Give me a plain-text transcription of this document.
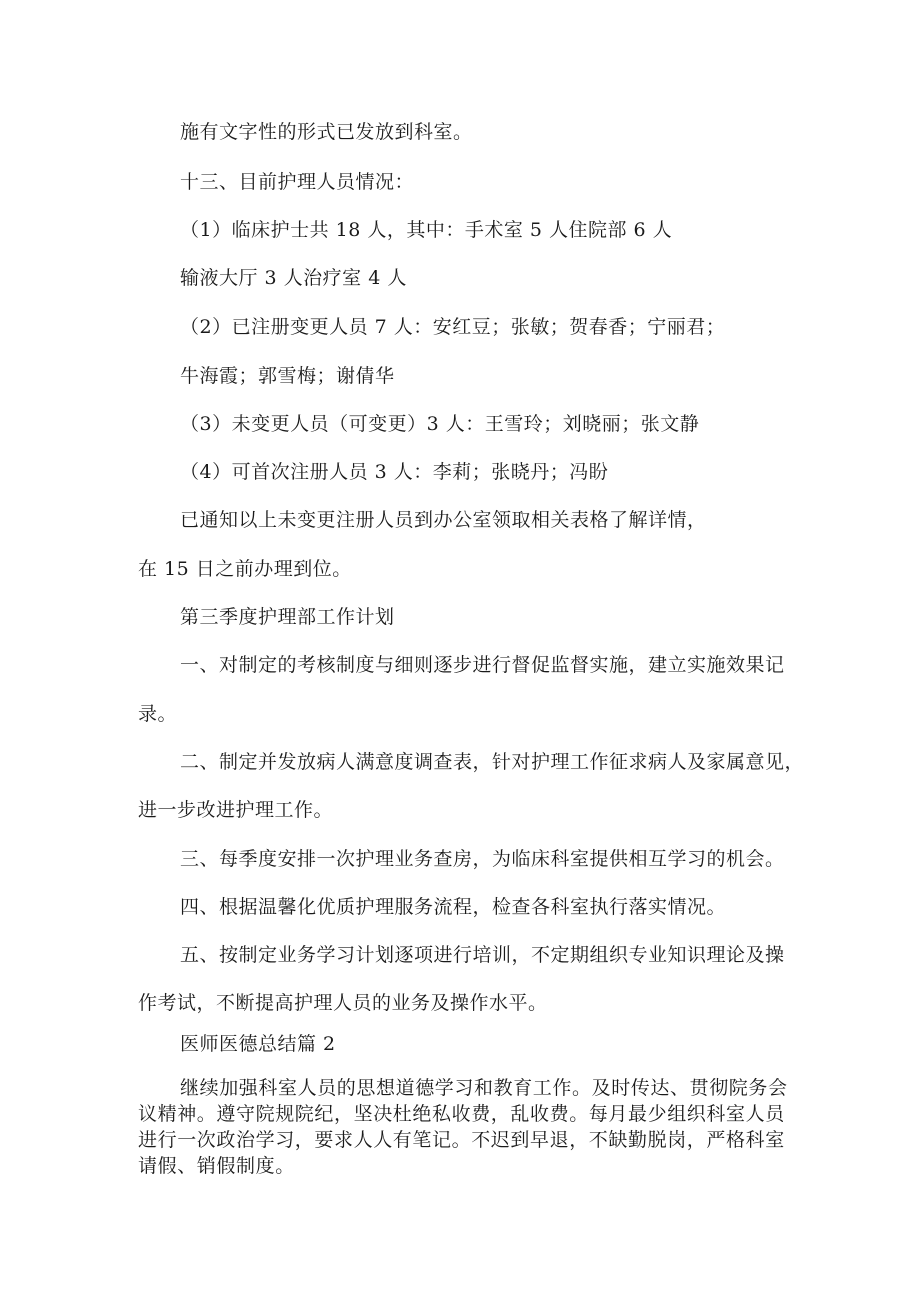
施有文字性的形式已发放到科室。

十三、目前护理人员情况：

（1）临床护士共 18 人，其中：手术室 5 人住院部 6 人

输液大厅 3 人治疗室 4 人

（2）已注册变更人员 7 人：安红豆；张敏；贺春香；宁丽君；

牛海霞；郭雪梅；谢倩华

（3）未变更人员（可变更）3 人：王雪玲；刘晓丽；张文静

（4）可首次注册人员 3 人：李莉；张晓丹；冯盼

已通知以上未变更注册人员到办公室领取相关表格了解详情，

在 15 日之前办理到位。

第三季度护理部工作计划

一、对制定的考核制度与细则逐步进行督促监督实施，建立实施效果记

录。

二、制定并发放病人满意度调查表，针对护理工作征求病人及家属意见，

进一步改进护理工作。

三、每季度安排一次护理业务查房，为临床科室提供相互学习的机会。

四、根据温馨化优质护理服务流程，检查各科室执行落实情况。

五、按制定业务学习计划逐项进行培训，不定期组织专业知识理论及操

作考试，不断提高护理人员的业务及操作水平。

医师医德总结篇 2

继续加强科室人员的思想道德学习和教育工作。及时传达、贯彻院务会
议精神。遵守院规院纪，坚决杜绝私收费，乱收费。每月最少组织科室人员
进行一次政治学习，要求人人有笔记。不迟到早退，不缺勤脱岗，严格科室
请假、销假制度。
